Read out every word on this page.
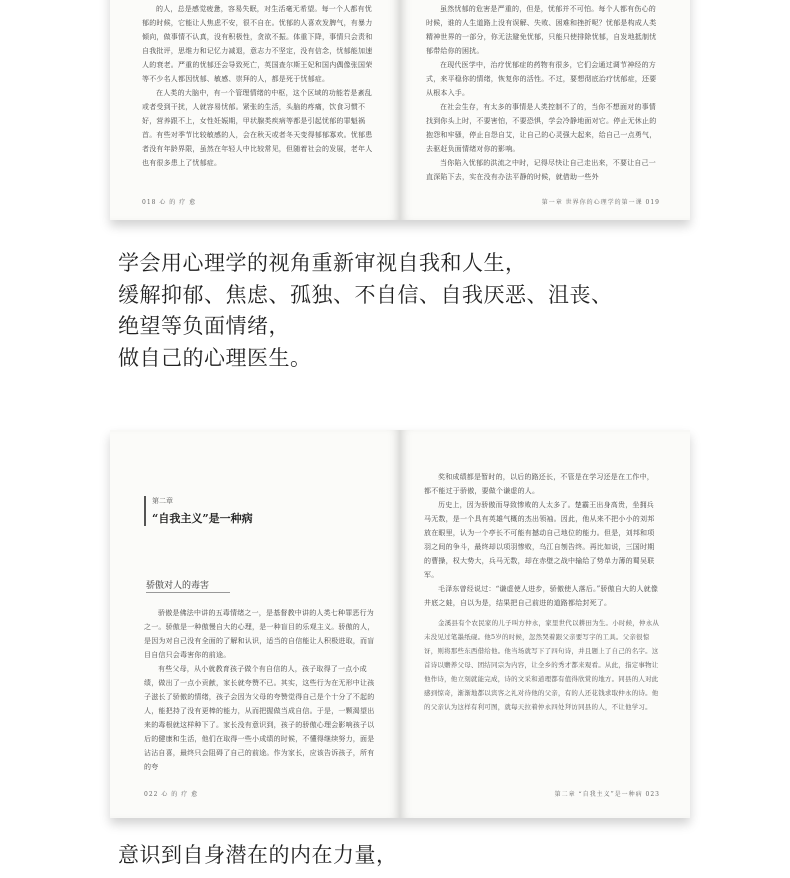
的人，总是感觉疲惫，容易失眠，对生活毫无希望。每一个人都有忧郁的时候，它能让人焦虑不安，很不自在。忧郁的人喜欢发脾气，有暴力倾向，做事情不认真，没有积极性，贪欲不振。体重下降，事情只会责和自我批评，思维力和记忆力减退，意志力不坚定，没有信念，忧郁能加速人的衰老。严重的忧郁还会导致死亡，英国查尔斯王妃和国内偶像张国荣等不少名人都因忧郁、敏感、崇拜的人，都是死于忧郁症。

在人类的大脑中，有一个管理情绪的中枢，这个区域的功能若是紊乱或者受到干扰，人就容易忧郁。紧张的生活，头脑的疼痛，饮食习惯不好，营养跟不上，女性妊娠期，甲状腺类疾病等都是引起忧郁的罪魁祸首。有些对季节比较敏感的人，会在秋天或者冬天变得郁郁寡欢。忧郁患者没有年龄界限，虽然在年轻人中比较常见，但随着社会的发展，老年人也有很多患上了忧郁症。

018 心 的 疗 愈

虽然忧郁的危害是严重的，但是，忧郁并不可怕。每个人都有伤心的时候，谁的人生道路上没有误解、失败、困难和挫折呢？忧郁是构成人类精神世界的一部分，你无法避免忧郁，只能只使排除忧郁，自发地抵制忧郁带给你的困扰。

在现代医学中，治疗忧郁症的药物有很多，它们会通过调节神经的方式，来平稳你的情绪，恢复你的活性。不过，要想彻底治疗忧郁症，还要从根本入手。

在社会生存，有太多的事情是人类控制不了的，当你不想面对的事情找到你头上时，不要害怕，不要恐惧，学会冷静地面对它。停止无休止的抱怨和牢骚，停止自怨自艾，让自己的心灵强大起来，给自己一点勇气，去驱赶负面情绪对你的影响。

当你陷入忧郁的洪流之中时，记得尽快让自己走出来，不要让自己一直深陷下去，实在没有办法平静的时候，就借助一些外

第一章 世界你的心理学的第一课 019
学会用心理学的视角重新审视自我和人生，
缓解抑郁、焦虑、孤独、不自信、自我厌恶、沮丧、
绝望等负面情绪，
做自己的心理医生。
第二章
“自我主义”是一种病
骄傲对人的毒害

骄傲是佛法中讲的五毒情绪之一，是基督教中讲的人类七种罪恶行为之一。骄傲是一种傲慢自大的心理，是一种盲目的乐观主义。骄傲的人，是因为对自己没有全面的了解和认识，适当的自信能让人积极进取，而盲目自信只会毒害你的前途。

有些父母，从小就教育孩子做个有自信的人，孩子取得了一点小成绩，做出了一点小贡献，家长就夸赞不已。其实，这些行为在无形中让孩子滋长了骄傲的情绪，孩子会因为父母的夸赞觉得自己是个十分了不起的人，能把持了没有更棒的能力，从而把握做当成自信。于是，一颗渴望出来的毒根就这样种下了。家长没有意识到，孩子的骄傲心理会影响孩子以后的健康和生活，他们在取得一些小成绩的时候，不懂得继续努力，面是沾沾自喜，最终只会阻碍了自己的前途。作为家长，应该告诉孩子，所有的夸

022 心 的 疗 愈

奖和成绩都是暂时的，以后的路还长，不管是在学习还是在工作中，都不能过于骄傲，要做个谦虚的人。

历史上，因为骄傲而导致惨败的人太多了。楚霸王出身高贵，坐拥兵马无数，是一个具有英雄气概的杰出领袖。因此，他从来不把小小的刘邦放在眼里，认为一个亭长不可能有撼动自己地位的能力。但是，刘邦和项羽之间的争斗，最终却以项羽惨败，乌江自刎告终。再比如说，三国时期的曹操，权大势大，兵马无数，却在赤壁之战中输给了势单力薄的蜀吴联军。

毛泽东曾经说过：“谦虚使人进步，骄傲使人落后。”骄傲自大的人就像井底之蛙，自以为是，结果把自己前进的道路都给封死了。

金溪县有个农民家的儿子叫方仲永，家里世代以耕田为生。小时候，仲永从未没见过笔墨纸砚。他5岁的时候，忽然哭着跟父亲要写字的工具。父亲很惊讶，则将那些东西借给他。他当场就写下了四句诗，并且题上了自己的名字。这首诗以赡养父母、团结同宗为内容，让全乡的秀才都来观看。从此，指定事物让他作诗，他立刻就能完成，诗的文采和道理都有值得欣赏的地方。同县的人对此感到惊奇，渐渐地都以宾客之礼对待他的父亲，有的人还花钱求取仲永的诗。他的父亲认为这样有利可图，就每天拉着仲永四处拜访同县的人，不让他学习。

第二章 “自我主义”是一种病 023
意识到自身潜在的内在力量，
